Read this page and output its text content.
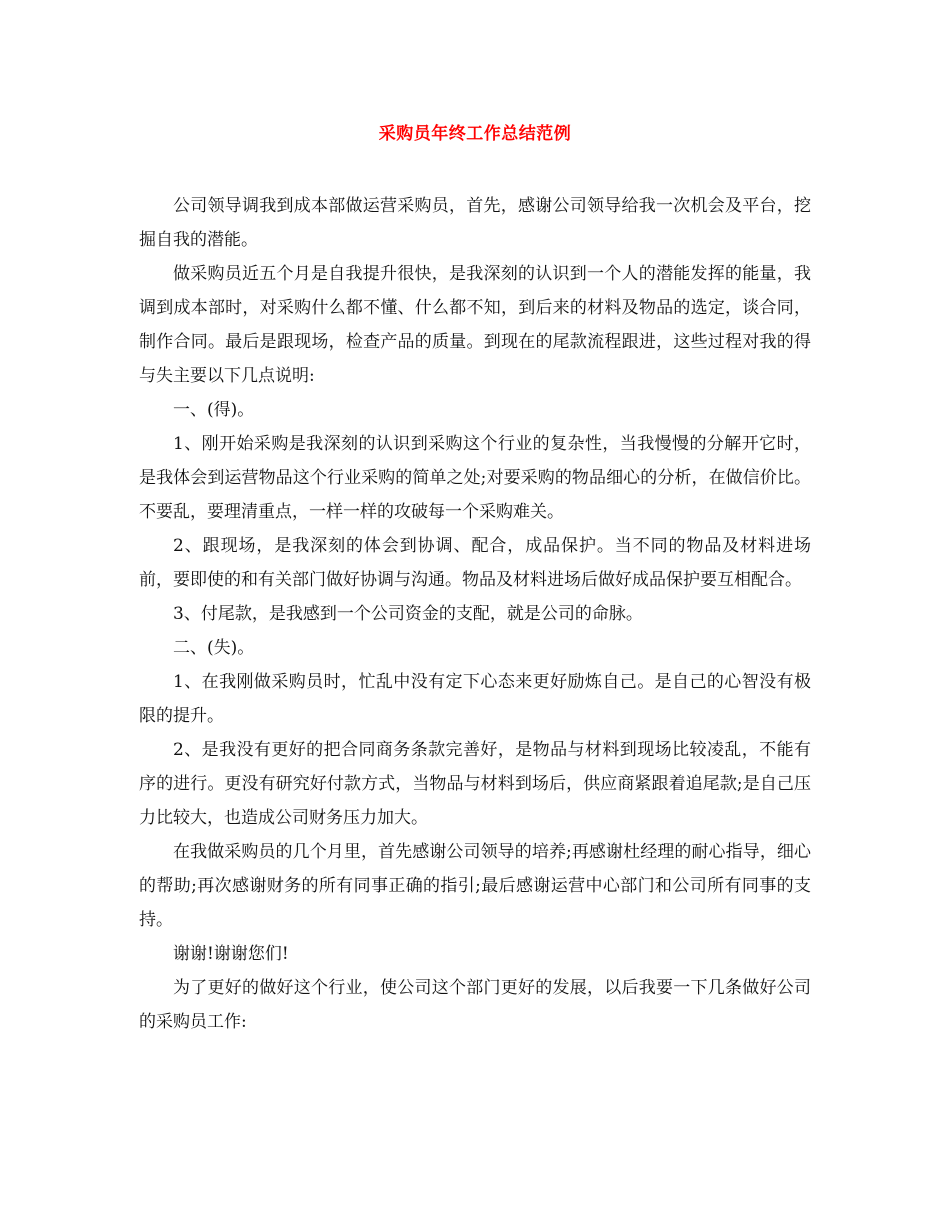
采购员年终工作总结范例

公司领导调我到成本部做运营采购员，首先，感谢公司领导给我一次机会及平台，挖掘自我的潜能。

做采购员近五个月是自我提升很快，是我深刻的认识到一个人的潜能发挥的能量，我调到成本部时，对采购什么都不懂、什么都不知，到后来的材料及物品的选定，谈合同，制作合同。最后是跟现场，检查产品的质量。到现在的尾款流程跟进，这些过程对我的得与失主要以下几点说明:

一、(得)。

1、刚开始采购是我深刻的认识到采购这个行业的复杂性，当我慢慢的分解开它时，是我体会到运营物品这个行业采购的简单之处;对要采购的物品细心的分析，在做信价比。不要乱，要理清重点，一样一样的攻破每一个采购难关。

2、跟现场，是我深刻的体会到协调、配合，成品保护。当不同的物品及材料进场前，要即使的和有关部门做好协调与沟通。物品及材料进场后做好成品保护要互相配合。

3、付尾款，是我感到一个公司资金的支配，就是公司的命脉。

二、(失)。

1、在我刚做采购员时，忙乱中没有定下心态来更好励炼自己。是自己的心智没有极限的提升。

2、是我没有更好的把合同商务条款完善好，是物品与材料到现场比较凌乱，不能有序的进行。更没有研究好付款方式，当物品与材料到场后，供应商紧跟着追尾款;是自己压力比较大，也造成公司财务压力加大。

在我做采购员的几个月里，首先感谢公司领导的培养;再感谢杜经理的耐心指导，细心的帮助;再次感谢财务的所有同事正确的指引;最后感谢运营中心部门和公司所有同事的支持。

谢谢!谢谢您们!

为了更好的做好这个行业，使公司这个部门更好的发展，以后我要一下几条做好公司的采购员工作:
